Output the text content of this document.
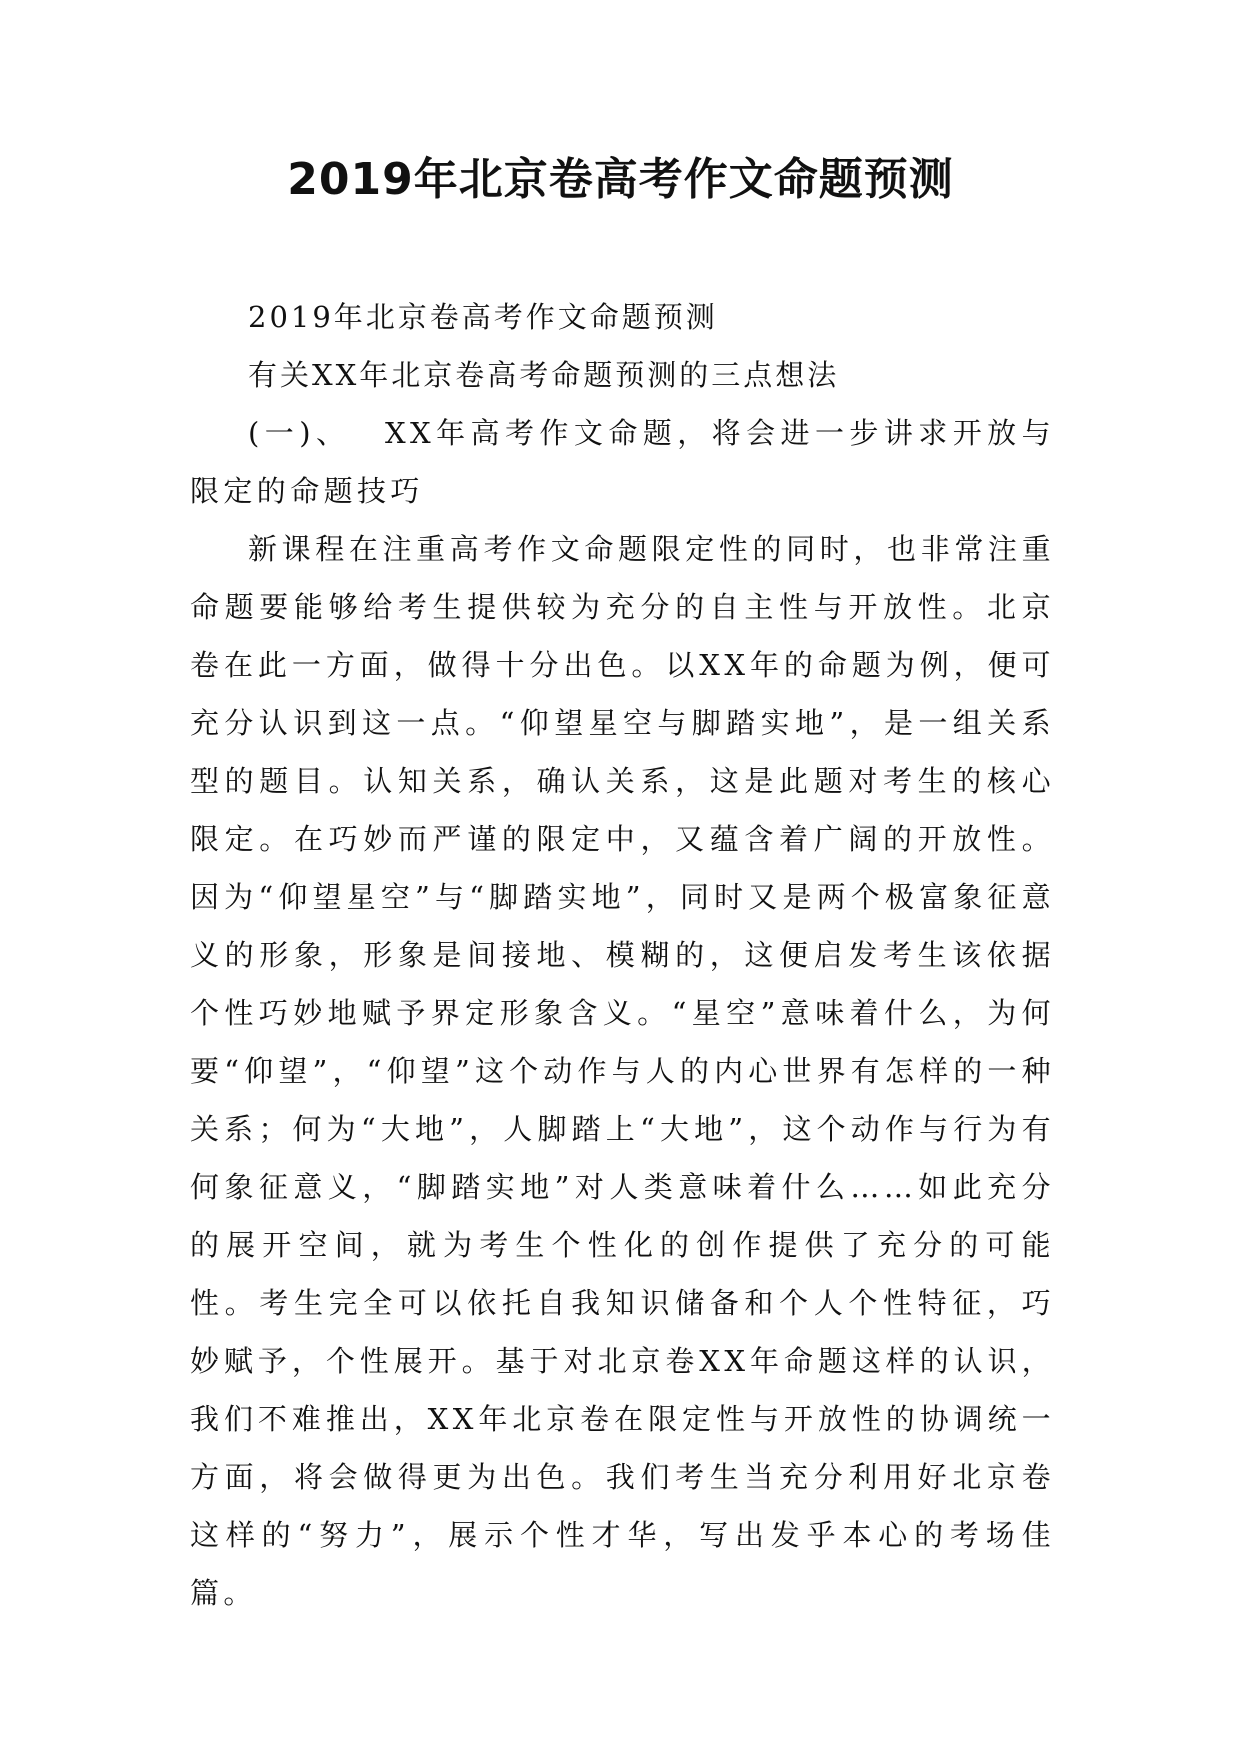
2019年北京卷高考作文命题预测

2019年北京卷高考作文命题预测

有关XX年北京卷高考命题预测的三点想法

(一)、　 XX年高考作文命题，将会进一步讲求开放与限定的命题技巧

新课程在注重高考作文命题限定性的同时，也非常注重命题要能够给考生提供较为充分的自主性与开放性。北京卷在此一方面，做得十分出色。以XX年的命题为例，便可充分认识到这一点。“仰望星空与脚踏实地”，是一组关系型的题目。认知关系，确认关系，这是此题对考生的核心限定。在巧妙而严谨的限定中，又蕴含着广阔的开放性。因为“仰望星空”与“脚踏实地”，同时又是两个极富象征意义的形象，形象是间接地、模糊的，这便启发考生该依据个性巧妙地赋予界定形象含义。“星空”意味着什么，为何要“仰望”，“仰望”这个动作与人的内心世界有怎样的一种关系；何为“大地”，人脚踏上“大地”，这个动作与行为有何象征意义，“脚踏实地”对人类意味着什么……如此充分的展开空间，就为考生个性化的创作提供了充分的可能性。考生完全可以依托自我知识储备和个人个性特征，巧妙赋予，个性展开。基于对北京卷XX年命题这样的认识，我们不难推出，XX年北京卷在限定性与开放性的协调统一方面，将会做得更为出色。我们考生当充分利用好北京卷这样的“努力”，展示个性才华，写出发乎本心的考场佳篇。
